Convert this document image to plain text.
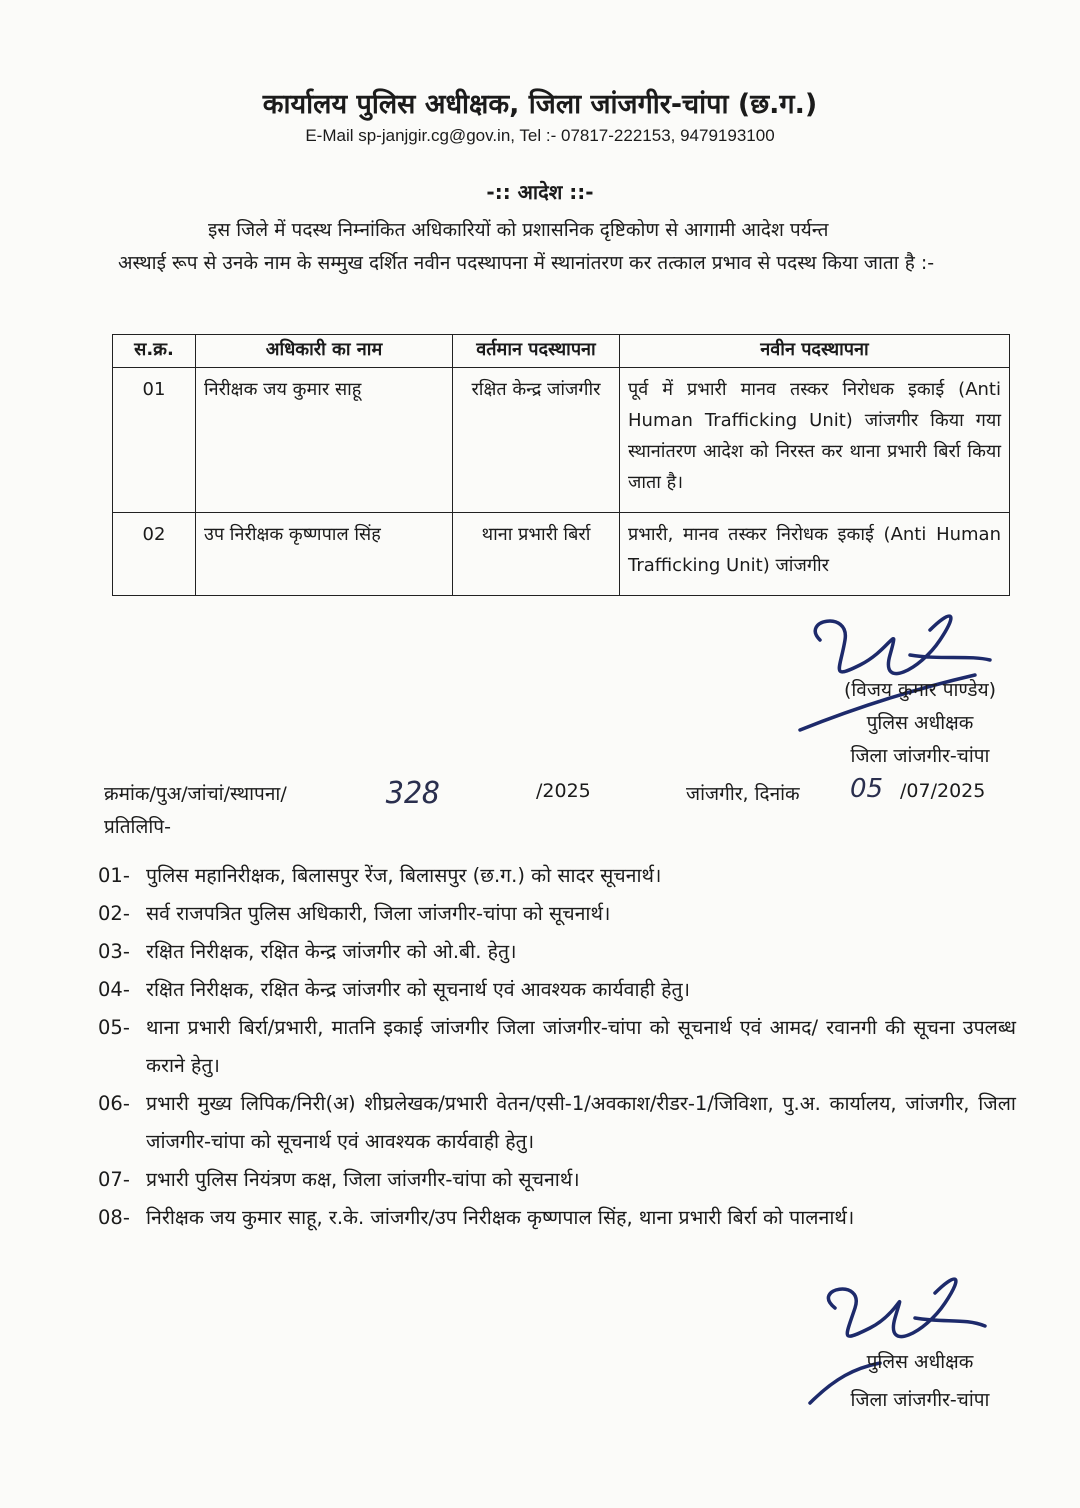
कार्यालय पुलिस अधीक्षक, जिला जांजगीर-चांपा (छ.ग.)
E-Mail sp-janjgir.cg@gov.in, Tel :- 07817-222153, 9479193100
-:: आदेश ::-
इस जिले में पदस्थ निम्नांकित अधिकारियों को प्रशासनिक दृष्टिकोण से आगामी आदेश पर्यन्त
अस्थाई रूप से उनके नाम के सम्मुख दर्शित नवीन पदस्थापना में स्थानांतरण कर तत्काल प्रभाव से पदस्थ किया जाता है :-
स.क्र.	अधिकारी का नाम	वर्तमान पदस्थापना	नवीन पदस्थापना
01	निरीक्षक जय कुमार साहू	रक्षित केन्द्र जांजगीर	पूर्व में प्रभारी मानव तस्कर निरोधक इकाई (Anti Human Trafficking Unit) जांजगीर किया गया स्थानांतरण आदेश को निरस्त कर थाना प्रभारी बिर्रा किया जाता है।
02	उप निरीक्षक कृष्णपाल सिंह	थाना प्रभारी बिर्रा	प्रभारी, मानव तस्कर निरोधक इकाई (Anti Human Trafficking Unit) जांजगीर
(विजय कुमार पाण्डेय)
पुलिस अधीक्षक
जिला जांजगीर-चांपा
क्रमांक/पुअ/जांचां/स्थापना/	328	/2025	जांजगीर, दिनांक 05 /07/2025
प्रतिलिपि-
01- पुलिस महानिरीक्षक, बिलासपुर रेंज, बिलासपुर (छ.ग.) को सादर सूचनार्थ।
02- सर्व राजपत्रित पुलिस अधिकारी, जिला जांजगीर-चांपा को सूचनार्थ।
03- रक्षित निरीक्षक, रक्षित केन्द्र जांजगीर को ओ.बी. हेतु।
04- रक्षित निरीक्षक, रक्षित केन्द्र जांजगीर को सूचनार्थ एवं आवश्यक कार्यवाही हेतु।
05- थाना प्रभारी बिर्रा/प्रभारी, मातनि इकाई जांजगीर जिला जांजगीर-चांपा को सूचनार्थ एवं आमद/ रवानगी की सूचना उपलब्ध कराने हेतु।
06- प्रभारी मुख्य लिपिक/निरी(अ) शीघ्रलेखक/प्रभारी वेतन/एसी-1/अवकाश/रीडर-1/जिविशा, पु.अ. कार्यालय, जांजगीर, जिला जांजगीर-चांपा को सूचनार्थ एवं आवश्यक कार्यवाही हेतु।
07- प्रभारी पुलिस नियंत्रण कक्ष, जिला जांजगीर-चांपा को सूचनार्थ।
08- निरीक्षक जय कुमार साहू, र.के. जांजगीर/उप निरीक्षक कृष्णपाल सिंह, थाना प्रभारी बिर्रा को पालनार्थ।
पुलिस अधीक्षक
जिला जांजगीर-चांपा
